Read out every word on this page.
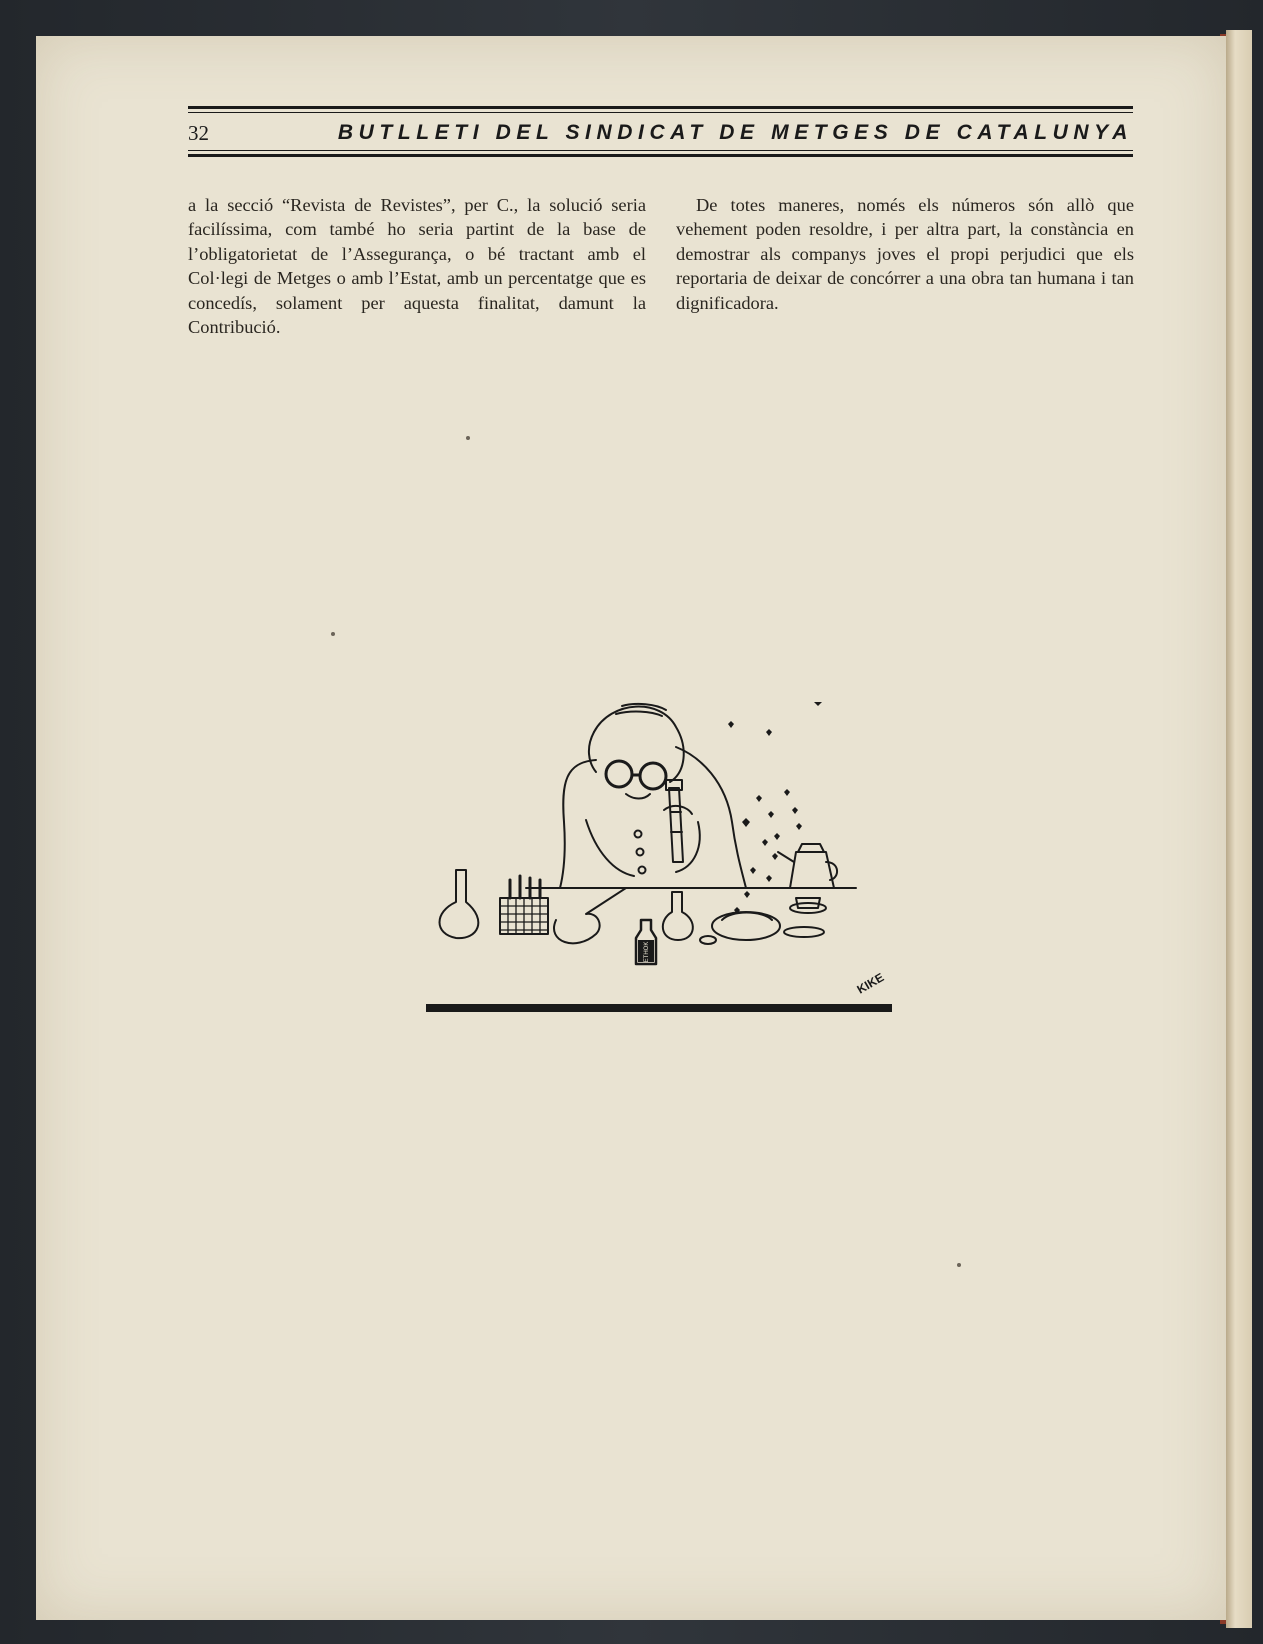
32	BUTLLETI DEL SINDICAT DE METGES DE CATALUNYA
a la secció “Revista de Revistes”, per C., la solució seria facilíssima, com també ho seria partint de la base de l’obligatorietat de l’Assegurança, o bé tractant amb el Col·legi de Metges o amb l’Estat, amb un percentatge que es concedís, solament per aquesta finalitat, damunt la Contribució.
De totes maneres, només els números són allò que vehement poden resoldre, i per altra part, la constància en demostrar als companys joves el propi perjudici que els reportaria de deixar de concórrer a una obra tan humana i tan dignificadora.
ETHOK
KIKE
